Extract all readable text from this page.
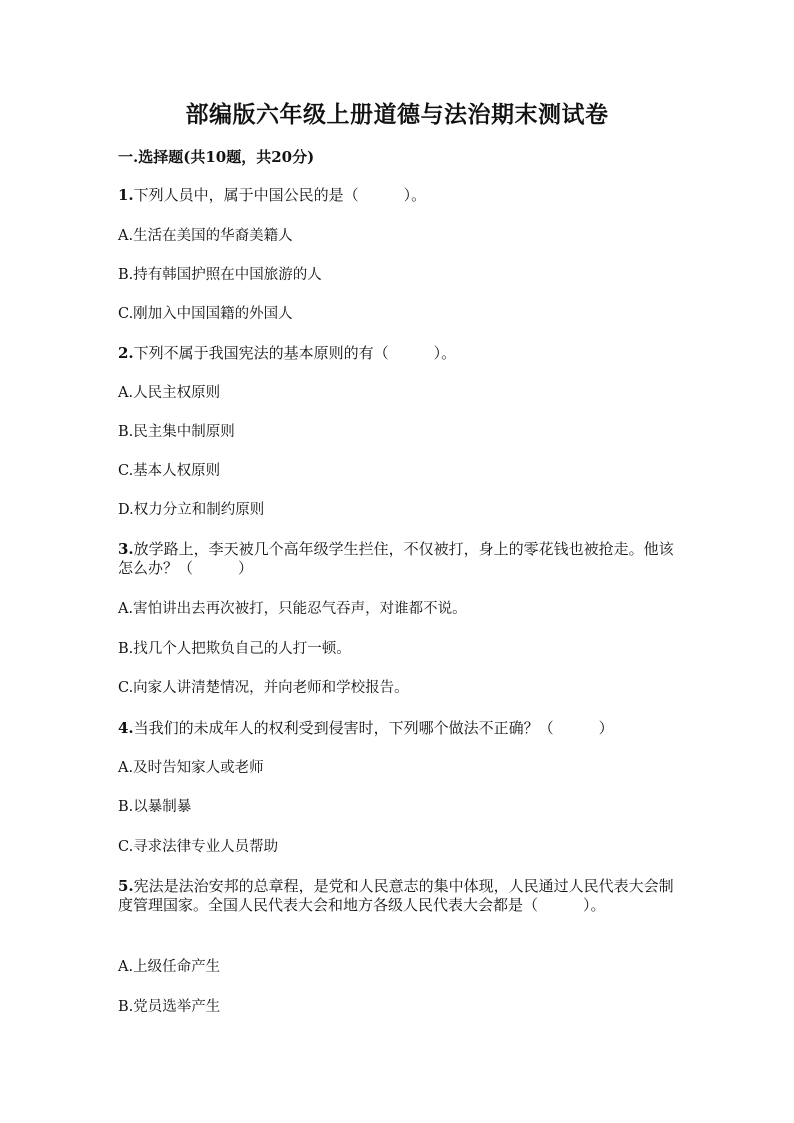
部编版六年级上册道德与法治期末测试卷
一.选择题(共10题，共20分)
1.下列人员中，属于中国公民的是（　　　）。
A.生活在美国的华裔美籍人
B.持有韩国护照在中国旅游的人
C.刚加入中国国籍的外国人
2.下列不属于我国宪法的基本原则的有（　　　）。
A.人民主权原则
B.民主集中制原则
C.基本人权原则
D.权力分立和制约原则
3.放学路上，李天被几个高年级学生拦住，不仅被打，身上的零花钱也被抢走。他该怎么办？（　　　）
A.害怕讲出去再次被打，只能忍气吞声，对谁都不说。
B.找几个人把欺负自己的人打一顿。
C.向家人讲清楚情况，并向老师和学校报告。
4.当我们的未成年人的权利受到侵害时，下列哪个做法不正确？（　　　）
A.及时告知家人或老师
B.以暴制暴
C.寻求法律专业人员帮助
5.宪法是法治安邦的总章程，是党和人民意志的集中体现，人民通过人民代表大会制度管理国家。全国人民代表大会和地方各级人民代表大会都是（　　　）。
A.上级任命产生
B.党员选举产生
